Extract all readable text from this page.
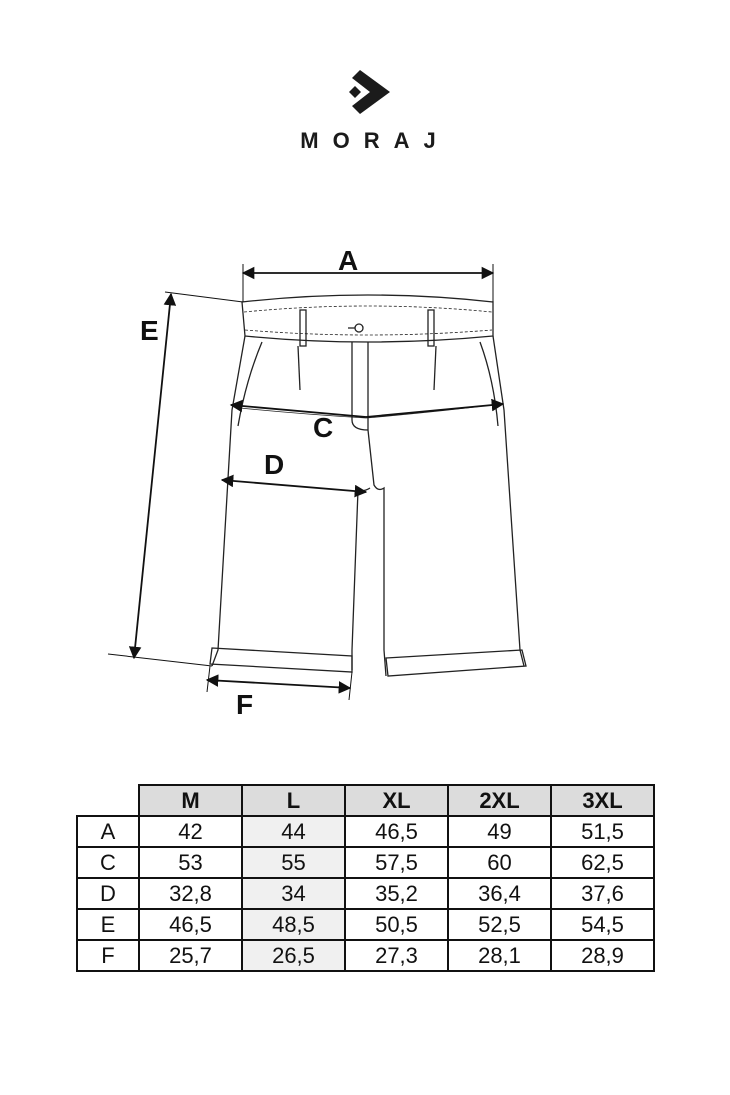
MORAJ
A
C
D
E
F
	M	L	XL	2XL	3XL
A	42	44	46,5	49	51,5
C	53	55	57,5	60	62,5
D	32,8	34	35,2	36,4	37,6
E	46,5	48,5	50,5	52,5	54,5
F	25,7	26,5	27,3	28,1	28,9
